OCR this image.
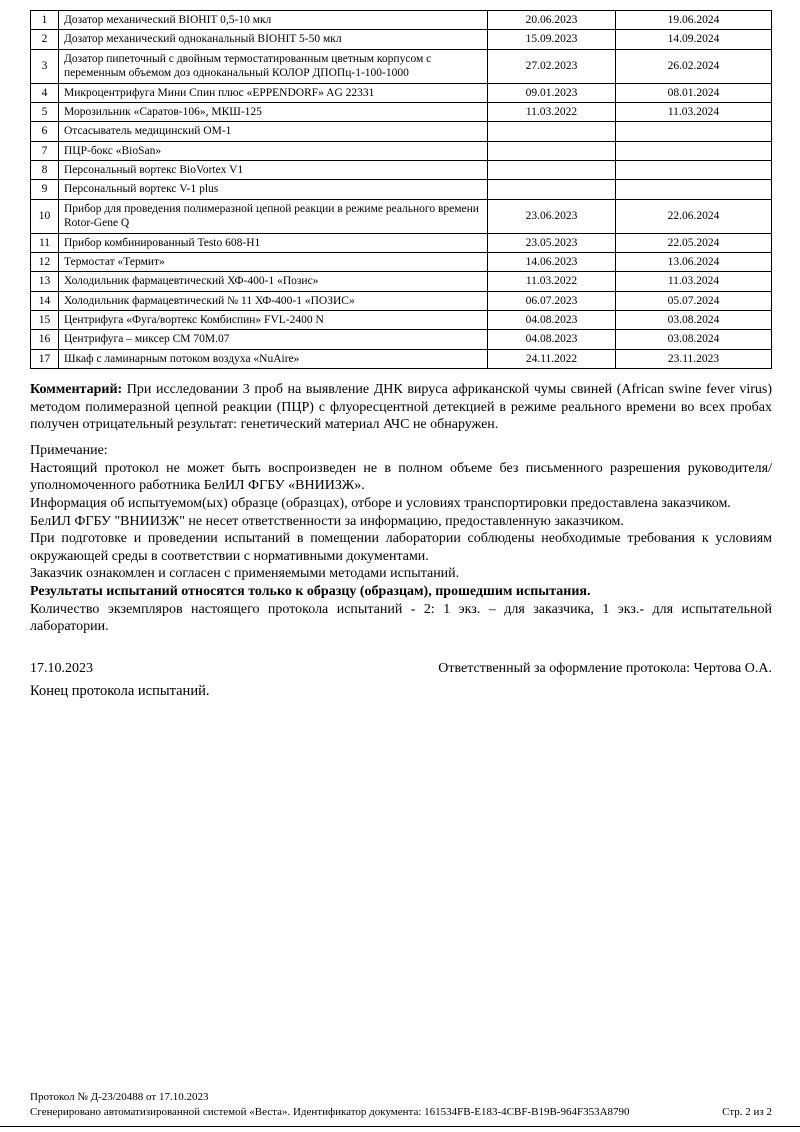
1	Дозатор механический BIOHIT 0,5-10 мкл	20.06.2023	19.06.2024
2	Дозатор механический одноканальный BIOHIT 5-50 мкл	15.09.2023	14.09.2024
3	Дозатор пипеточный с двойным термостатированным цветным корпусом с переменным объемом доз одноканальный КОЛОР ДПОПц-1-100-1000	27.02.2023	26.02.2024
4	Микроцентрифуга Мини Спин плюс «EPPENDORF» AG 22331	09.01.2023	08.01.2024
5	Морозильник «Саратов-106», МКШ-125	11.03.2022	11.03.2024
6	Отсасыватель медицинский ОМ-1		
7	ПЦР-бокс «BioSan»		
8	Персональный вортекс BioVortex V1		
9	Персональный вортекс V-1 plus		
10	Прибор для проведения полимеразной цепной реакции в режиме реального времени Rotor-Gene Q	23.06.2023	22.06.2024
11	Прибор комбинированный Testo 608-H1	23.05.2023	22.05.2024
12	Термостат «Термит»	14.06.2023	13.06.2024
13	Холодильник фармацевтический ХФ-400-1 «Позис»	11.03.2022	11.03.2024
14	Холодильник фармацевтический № 11 ХФ-400-1 «ПОЗИС»	06.07.2023	05.07.2024
15	Центрифуга «Фуга/вортекс Комбиспин» FVL-2400 N	04.08.2023	03.08.2024
16	Центрифуга – миксер СМ 70М.07	04.08.2023	03.08.2024
17	Шкаф с ламинарным потоком воздуха «NuAire»	24.11.2022	23.11.2023

Комментарий: При исследовании 3 проб на выявление ДНК вируса африканской чумы свиней (African swine fever virus) методом полимеразной цепной реакции (ПЦР) с флуоресцентной детекцией в режиме реального времени во всех пробах получен отрицательный результат: генетический материал АЧС не обнаружен.

Примечание:

Настоящий протокол не может быть воспроизведен не в полном объеме без письменного разрешения руководителя/уполномоченного работника БелИЛ ФГБУ «ВНИИЗЖ».

Информация об испытуемом(ых) образце (образцах), отборе и условиях транспортировки предоставлена заказчиком.

БелИЛ ФГБУ "ВНИИЗЖ" не несет ответственности за информацию, предоставленную заказчиком.

При подготовке и проведении испытаний в помещении лаборатории соблюдены необходимые требования к условиям окружающей среды в соответствии с нормативными документами.

Заказчик ознакомлен и согласен с применяемыми методами испытаний.

Результаты испытаний относятся только к образцу (образцам), прошедшим испытания.

Количество экземпляров настоящего протокола испытаний - 2: 1 экз. – для заказчика, 1 экз.- для испытательной лаборатории.

17.10.2023	Ответственный за оформление протокола: Чертова О.А.

Конец протокола испытаний.

Протокол № Д-23/20488 от 17.10.2023
Сгенерировано автоматизированной системой «Веста». Идентификатор документа: 161534FB-E183-4CBF-B19B-964F353A8790	Стр. 2 из 2
